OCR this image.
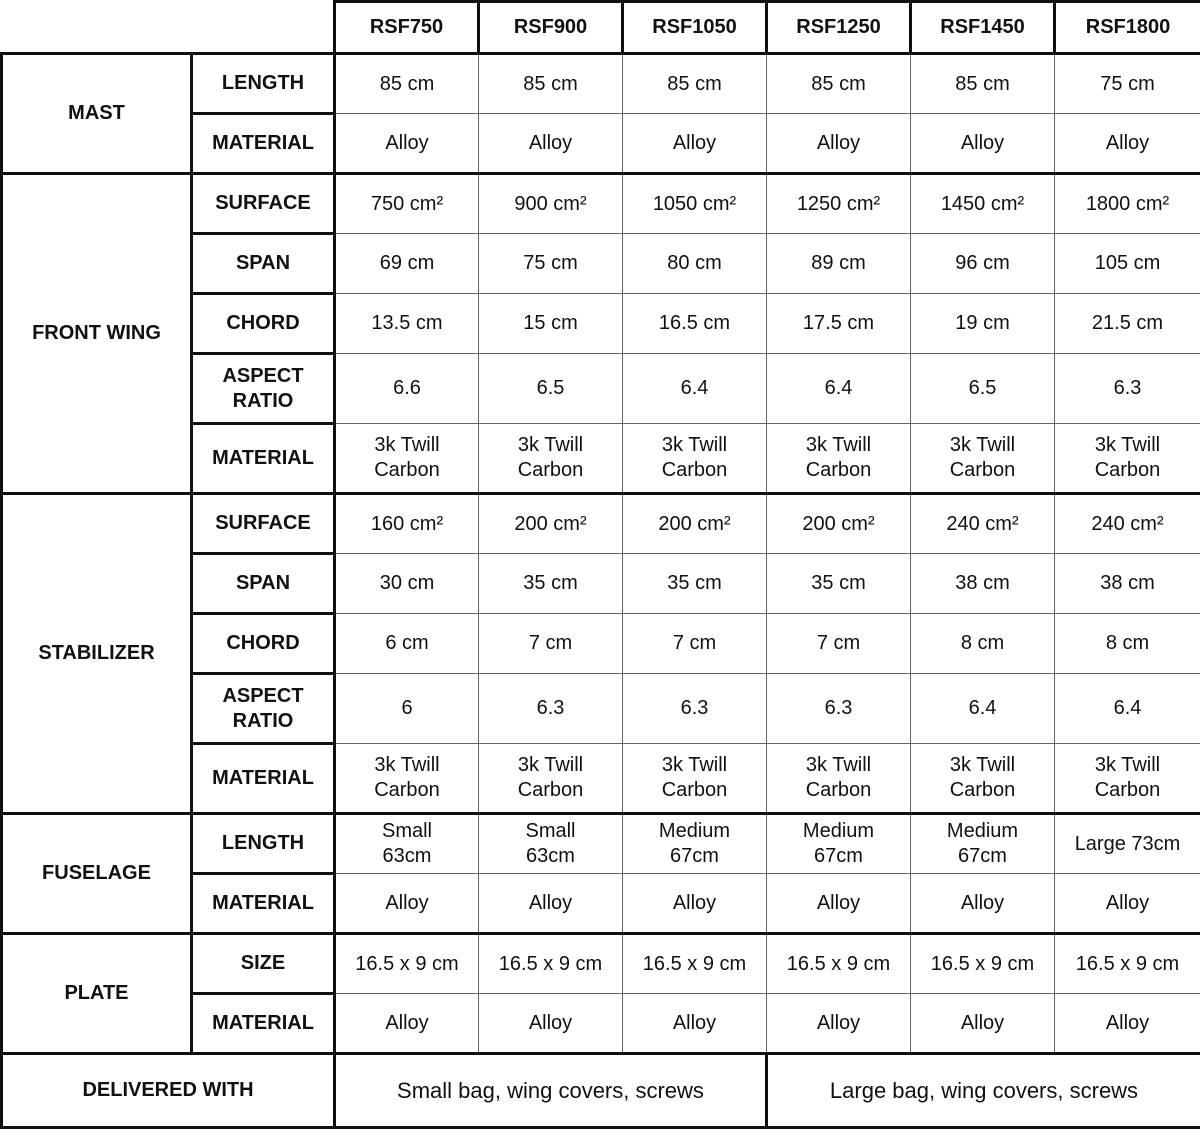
		RSF750	RSF900	RSF1050	RSF1250	RSF1450	RSF1800
MAST	LENGTH	85 cm	85 cm	85 cm	85 cm	85 cm	75 cm
	MATERIAL	Alloy	Alloy	Alloy	Alloy	Alloy	Alloy
FRONT WING	SURFACE	750 cm²	900 cm²	1050 cm²	1250 cm²	1450 cm²	1800 cm²
	SPAN	69 cm	75 cm	80 cm	89 cm	96 cm	105 cm
	CHORD	13.5 cm	15 cm	16.5 cm	17.5 cm	19 cm	21.5 cm
	ASPECT RATIO	6.6	6.5	6.4	6.4	6.5	6.3
	MATERIAL	3k Twill Carbon	3k Twill Carbon	3k Twill Carbon	3k Twill Carbon	3k Twill Carbon	3k Twill Carbon
STABILIZER	SURFACE	160 cm²	200 cm²	200 cm²	200 cm²	240 cm²	240 cm²
	SPAN	30 cm	35 cm	35 cm	35 cm	38 cm	38 cm
	CHORD	6 cm	7 cm	7 cm	7 cm	8 cm	8 cm
	ASPECT RATIO	6	6.3	6.3	6.3	6.4	6.4
	MATERIAL	3k Twill Carbon	3k Twill Carbon	3k Twill Carbon	3k Twill Carbon	3k Twill Carbon	3k Twill Carbon
FUSELAGE	LENGTH	Small 63cm	Small 63cm	Medium 67cm	Medium 67cm	Medium 67cm	Large 73cm
	MATERIAL	Alloy	Alloy	Alloy	Alloy	Alloy	Alloy
PLATE	SIZE	16.5 x 9 cm	16.5 x 9 cm	16.5 x 9 cm	16.5 x 9 cm	16.5 x 9 cm	16.5 x 9 cm
	MATERIAL	Alloy	Alloy	Alloy	Alloy	Alloy	Alloy
DELIVERED WITH		Small bag, wing covers, screws			Large bag, wing covers, screws		
